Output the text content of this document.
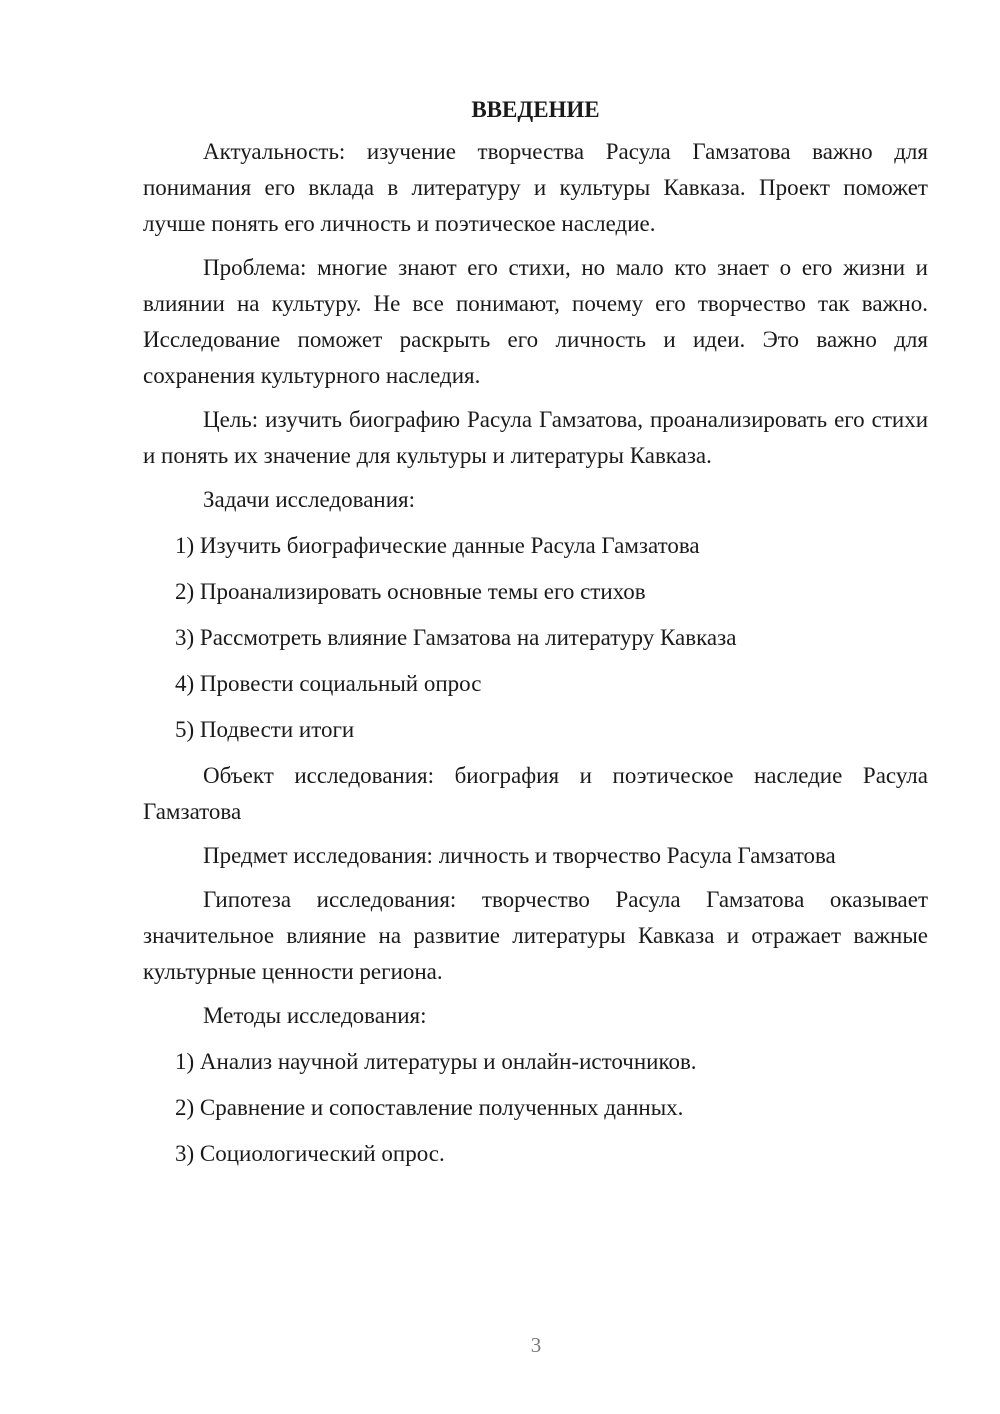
ВВЕДЕНИЕ

Актуальность: изучение творчества Расула Гамзатова важно для понимания его вклада в литературу и культуры Кавказа. Проект поможет лучше понять его личность и поэтическое наследие.

Проблема: многие знают его стихи, но мало кто знает о его жизни и влиянии на культуру. Не все понимают, почему его творчество так важно. Исследование поможет раскрыть его личность и идеи. Это важно для сохранения культурного наследия.

Цель: изучить биографию Расула Гамзатова, проанализировать его стихи и понять их значение для культуры и литературы Кавказа.

Задачи исследования:

1) Изучить биографические данные Расула Гамзатова

2) Проанализировать основные темы его стихов

3) Рассмотреть влияние Гамзатова на литературу Кавказа

4) Провести социальный опрос

5) Подвести итоги

Объект исследования: биография и поэтическое наследие Расула Гамзатова

Предмет исследования: личность и творчество Расула Гамзатова

Гипотеза исследования: творчество Расула Гамзатова оказывает значительное влияние на развитие литературы Кавказа и отражает важные культурные ценности региона.

Методы исследования:

1) Анализ научной литературы и онлайн-источников.

2) Сравнение и сопоставление полученных данных.

3) Социологический опрос.

3
